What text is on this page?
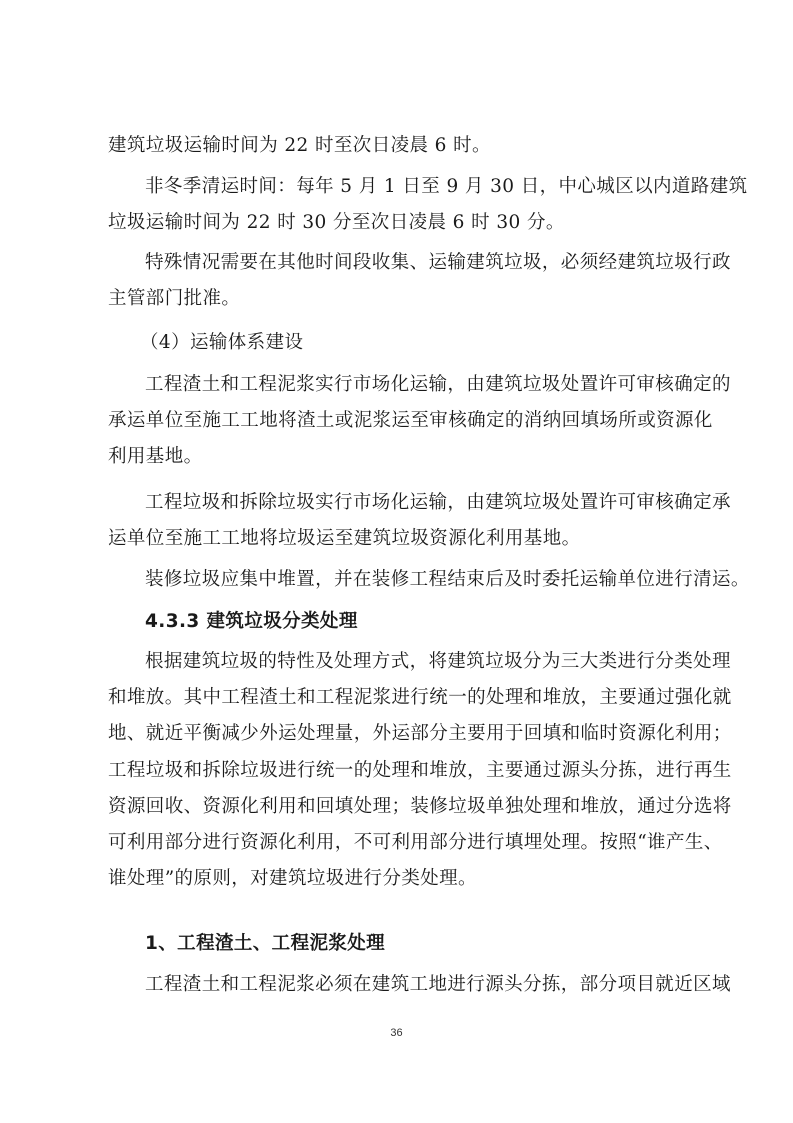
建筑垃圾运输时间为 22 时至次日凌晨 6 时。

非冬季清运时间：每年 5 月 1 日至 9 月 30 日，中心城区以内道路建筑
垃圾运输时间为 22 时 30 分至次日凌晨 6 时 30 分。

特殊情况需要在其他时间段收集、运输建筑垃圾，必须经建筑垃圾行政
主管部门批准。

（4）运输体系建设

工程渣土和工程泥浆实行市场化运输，由建筑垃圾处置许可审核确定的
承运单位至施工工地将渣土或泥浆运至审核确定的消纳回填场所或资源化
利用基地。

工程垃圾和拆除垃圾实行市场化运输，由建筑垃圾处置许可审核确定承
运单位至施工工地将垃圾运至建筑垃圾资源化利用基地。

装修垃圾应集中堆置，并在装修工程结束后及时委托运输单位进行清运。

4.3.3 建筑垃圾分类处理

根据建筑垃圾的特性及处理方式，将建筑垃圾分为三大类进行分类处理
和堆放。其中工程渣土和工程泥浆进行统一的处理和堆放，主要通过强化就
地、就近平衡减少外运处理量，外运部分主要用于回填和临时资源化利用；
工程垃圾和拆除垃圾进行统一的处理和堆放，主要通过源头分拣，进行再生
资源回收、资源化利用和回填处理；装修垃圾单独处理和堆放，通过分选将
可利用部分进行资源化利用，不可利用部分进行填埋处理。按照“谁产生、
谁处理”的原则，对建筑垃圾进行分类处理。

1、工程渣土、工程泥浆处理

工程渣土和工程泥浆必须在建筑工地进行源头分拣，部分项目就近区域

36
